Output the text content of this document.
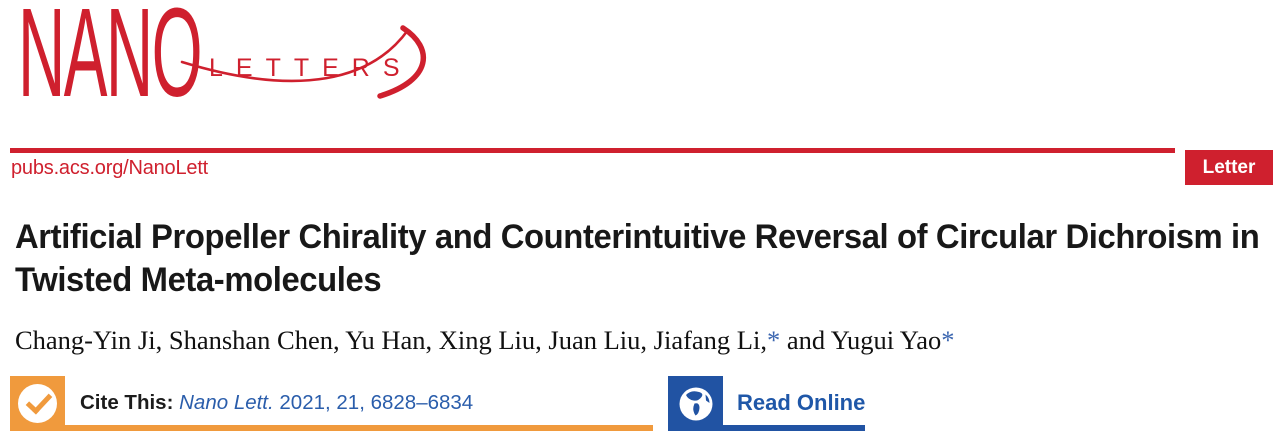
NANO LETTERS
pubs.acs.org/NanoLett	Letter
Artificial Propeller Chirality and Counterintuitive Reversal of Circular Dichroism in Twisted Meta-molecules
Chang-Yin Ji, Shanshan Chen, Yu Han, Xing Liu, Juan Liu, Jiafang Li,* and Yugui Yao*
Cite This: Nano Lett. 2021, 21, 6828–6834	Read Online
